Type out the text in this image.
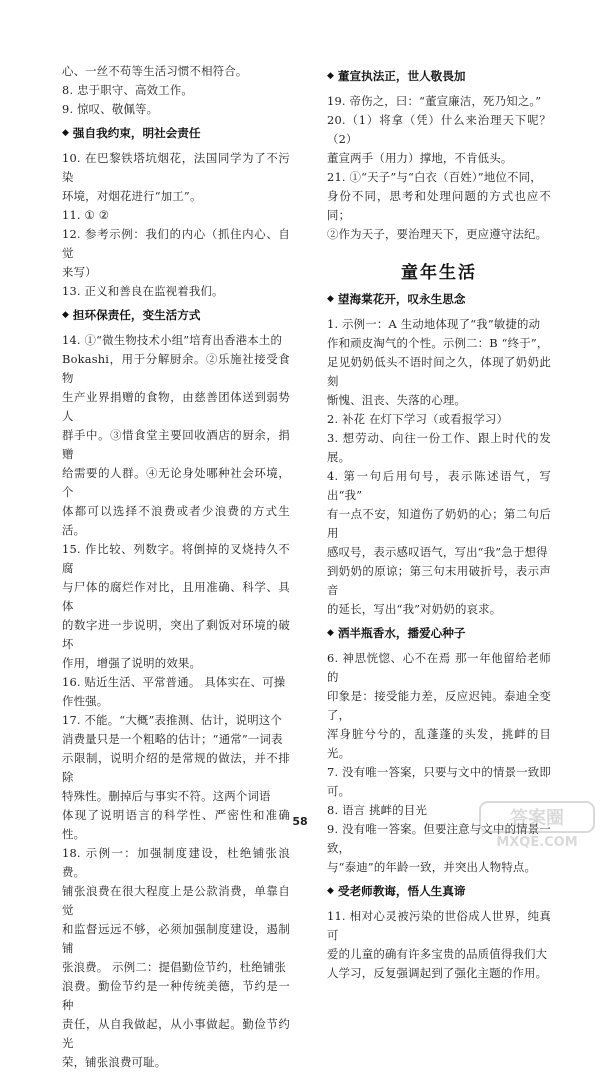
心、一丝不苟等生活习惯不相符合。

8. 忠于职守、高效工作。

9. 惊叹、敬佩等。

◆ 强自我约束，明社会责任

10. 在巴黎铁塔坑烟花，法国同学为了不污染

环境，对烟花进行“加工”。

11. ① ②

12. 参考示例：我们的内心（抓住内心、自觉

来写）

13. 正义和善良在监视着我们。

◆ 担环保责任，变生活方式

14. ①“微生物技术小组”培育出香港本土的

Bokashi，用于分解厨余。②乐施社接受食物

生产业界捐赠的食物，由慈善团体送到弱势人

群手中。③惜食堂主要回收酒店的厨余，捐赠

给需要的人群。④无论身处哪种社会环境，个

体都可以选择不浪费或者少浪费的方式生活。

15. 作比较、列数字。将倒掉的叉烧持久不腐

与尸体的腐烂作对比，且用准确、科学、具体

的数字进一步说明，突出了剩饭对环境的破坏

作用，增强了说明的效果。

16. 贴近生活、平常普通。 具体实在、可操

作性强。

17. 不能。“大概”表推测、估计，说明这个

消费量只是一个粗略的估计；“通常”一词表

示限制，说明介绍的是常规的做法，并不排除

特殊性。删掉后与事实不符。这两个词语

体现了说明语言的科学性、严密性和准确性。

18. 示例一：加强制度建设，杜绝铺张浪费。

铺张浪费在很大程度上是公款消费，单靠自觉

和监督远远不够，必须加强制度建设，遏制铺

张浪费。 示例二：提倡勤俭节约，杜绝铺张

浪费。勤俭节约是一种传统美德，节约是一种

责任，从自我做起，从小事做起。勤俭节约光

荣，铺张浪费可耻。

◆ 董宣执法正，世人敬畏加

19. 帝伤之，曰：“董宣廉洁，死乃知之。”

20.（1）将拿（凭）什么来治理天下呢？（2）

董宣两手（用力）撑地，不肯低头。

21. ①“天子”与“白衣（百姓）”地位不同，

身份不同，思考和处理问题的方式也应不同；

②作为天子，要治理天下，更应遵守法纪。

童年生活
◆ 望海棠花开，叹永生思念

1. 示例一：A 生动地体现了“我”敏捷的动

作和顽皮淘气的个性。示例二：B “终于”，

足见奶奶低头不语时间之久，体现了奶奶此刻

惭愧、沮丧、失落的心理。

2. 补花 在灯下学习（或看报学习）

3. 想劳动、向往一份工作、跟上时代的发展。

4. 第一句后用句号，表示陈述语气，写出“我”

有一点不安，知道伤了奶奶的心；第二句后用

感叹号，表示感叹语气，写出“我”急于想得

到奶奶的原谅；第三句末用破折号，表示声音

的延长，写出“我”对奶奶的哀求。

◆ 洒半瓶香水，播爱心种子

6. 神思恍惚、心不在焉 那一年他留给老师的

印象是：接受能力差，反应迟钝。泰迪全变了，

浑身脏兮兮的，乱蓬蓬的头发，挑衅的目光。

7. 没有唯一答案，只要与文中的情景一致即可。

8. 语言 挑衅的目光

9. 没有唯一答案。但要注意与文中的情景一致，

与“泰迪”的年龄一致，并突出人物特点。

◆ 受老师教诲，悟人生真谛

11. 相对心灵被污染的世俗成人世界，纯真可

爱的儿童的确有许多宝贵的品质值得我们大

人学习，反复强调起到了强化主题的作用。

58	答案圈
MXQE.COM
